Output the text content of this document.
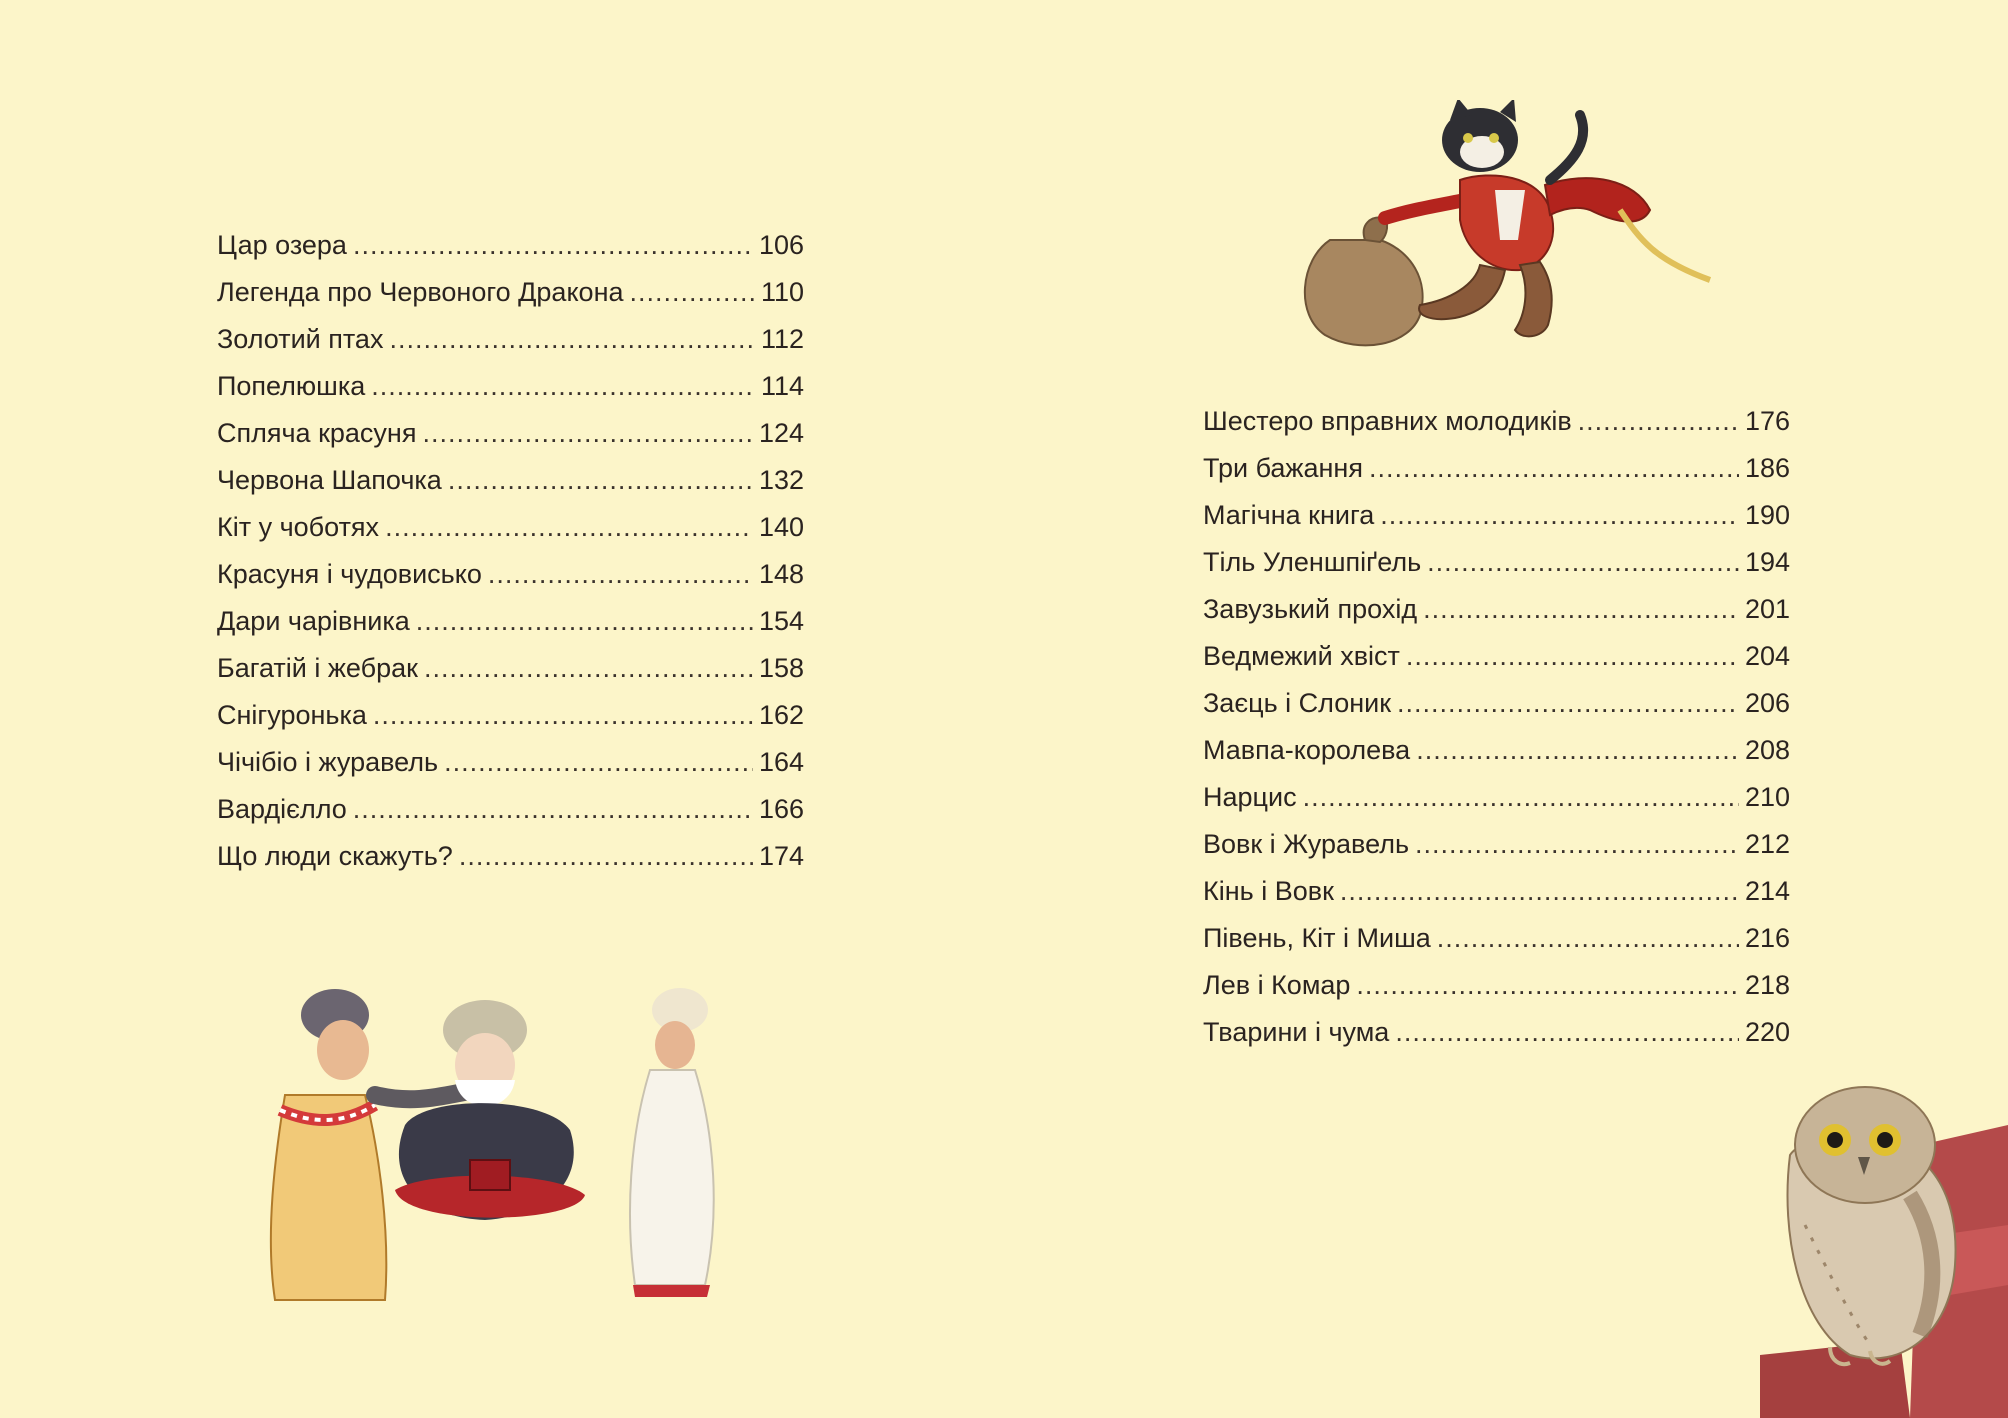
Цар озера .....	106
Легенда про Червоного Дракона .....	110
Золотий птах .....	112
Попелюшка .....	114
Спляча красуня .....	124
Червона Шапочка .....	132
Кіт у чоботях .....	140
Красуня і чудовисько .....	148
Дари чарівника .....	154
Багатій і жебрак .....	158
Снігуронька .....	162
Чічібіо і журавель .....	164
Вардієлло .....	166
Що люди скажуть? .....	174
Шестеро вправних молодиків .....	176
Три бажання .....	186
Магічна книга .....	190
Тіль Уленшпіґель .....	194
Завузький прохід .....	201
Ведмежий хвіст .....	204
Заєць і Слоник .....	206
Мавпа-королева .....	208
Нарцис .....	210
Вовк і Журавель .....	212
Кінь і Вовк .....	214
Півень, Кіт і Миша .....	216
Лев і Комар .....	218
Тварини і чума .....	220
